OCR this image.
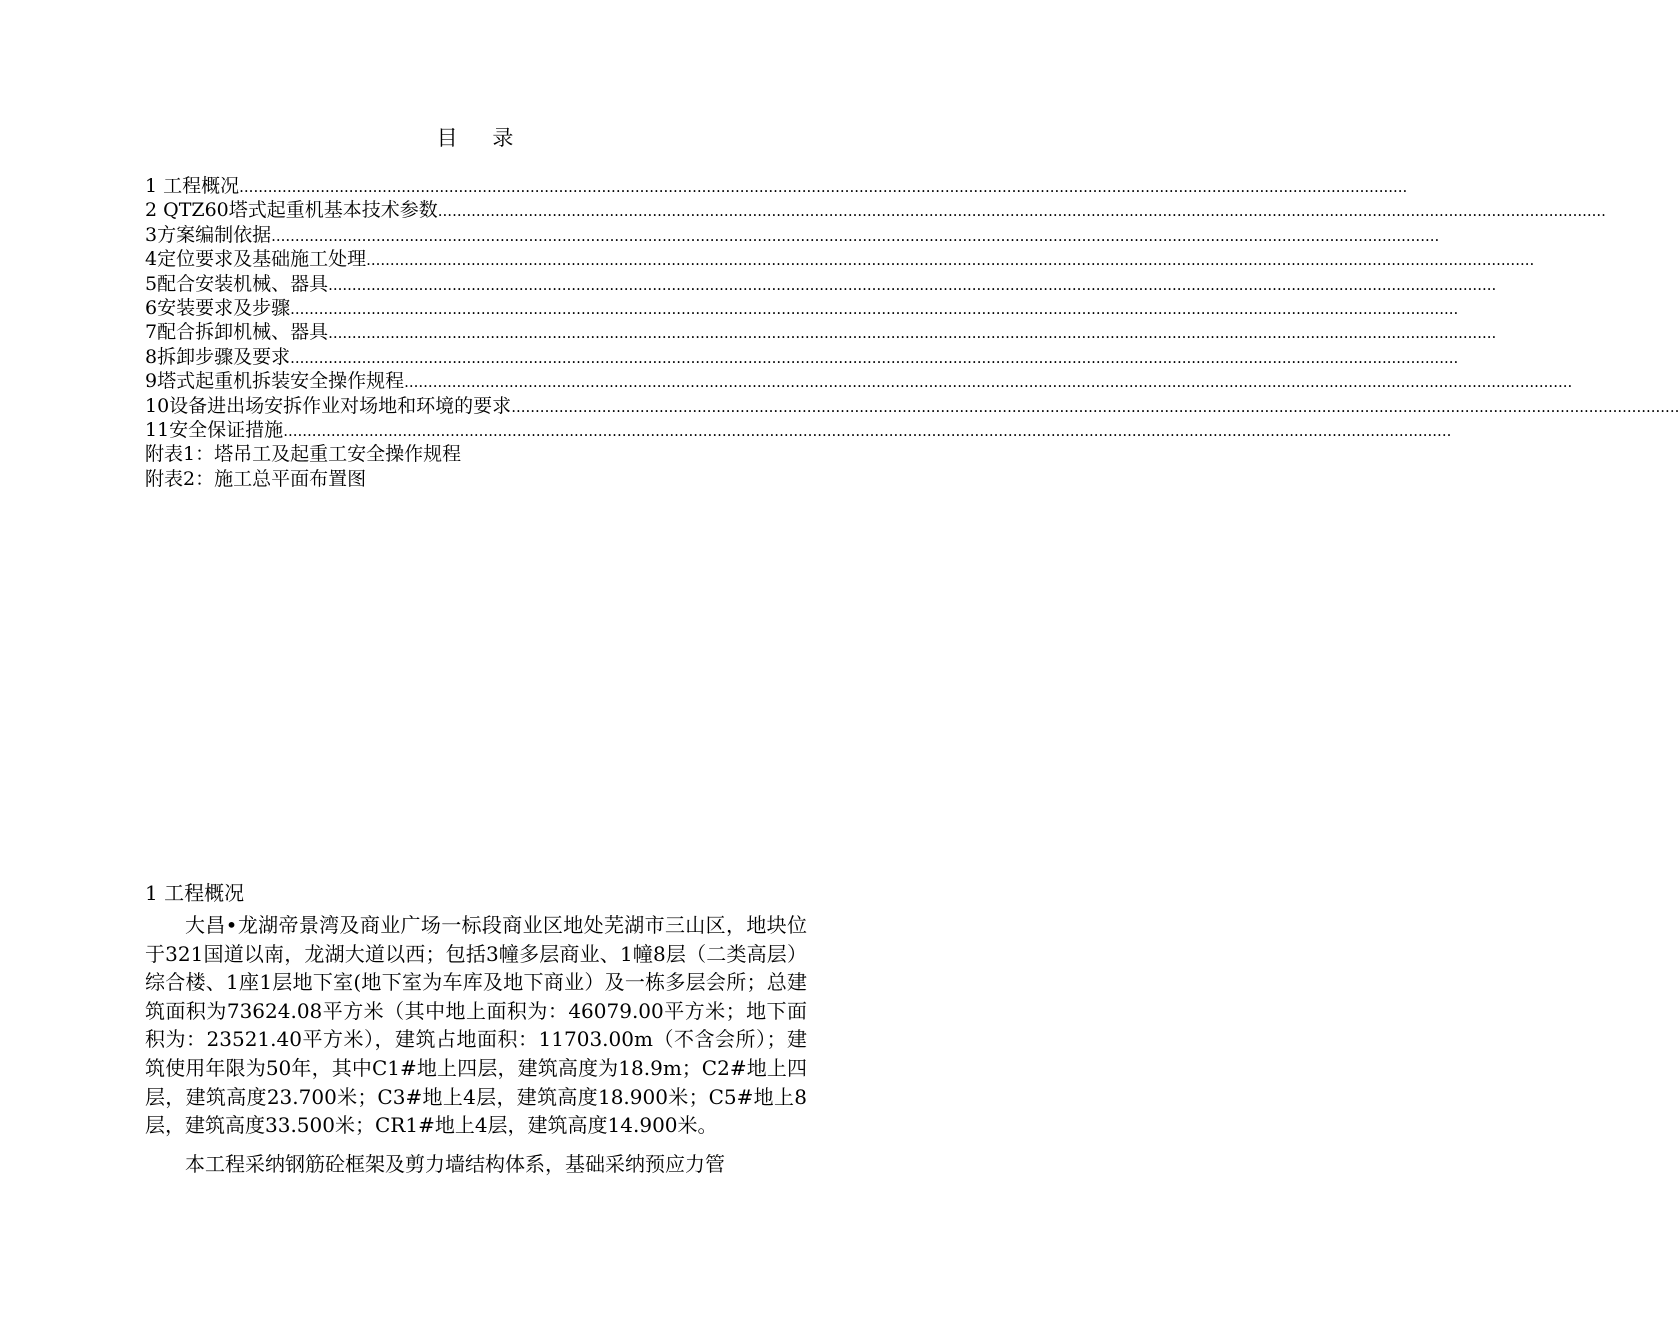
目 录
1 工程概况 .....................................................................................................................................................................................................................................................
2 QTZ60塔式起重机基本技术参数 .....................................................................................................................................................................................................................................................
3方案编制依据 .....................................................................................................................................................................................................................................................
4定位要求及基础施工处理 .....................................................................................................................................................................................................................................................
5配合安装机械、器具 .....................................................................................................................................................................................................................................................
6安装要求及步骤 .....................................................................................................................................................................................................................................................
7配合拆卸机械、器具 .....................................................................................................................................................................................................................................................
8拆卸步骤及要求 .....................................................................................................................................................................................................................................................
9塔式起重机拆装安全操作规程 .....................................................................................................................................................................................................................................................
10设备进出场安拆作业对场地和环境的要求 .....................................................................................................................................................................................................................................................
11安全保证措施 .....................................................................................................................................................................................................................................................
附表1：塔吊工及起重工安全操作规程
附表2：施工总平面布置图
1 工程概况

大昌•龙湖帝景湾及商业广场一标段商业区地处芜湖市三山区，地块位于321国道以南，龙湖大道以西；包括3幢多层商业、1幢8层（二类高层）综合楼、1座1层地下室(地下室为车库及地下商业）及一栋多层会所；总建筑面积为73624.08平方米（其中地上面积为：46079.00平方米；地下面积为：23521.40平方米），建筑占地面积：11703.00m（不含会所）；建筑使用年限为50年，其中C1#地上四层，建筑高度为18.9m；C2#地上四层，建筑高度23.700米；C3#地上4层，建筑高度18.900米；C5#地上8层，建筑高度33.500米；CR1#地上4层，建筑高度14.900米。

本工程采纳钢筋砼框架及剪力墙结构体系，基础采纳预应力管
